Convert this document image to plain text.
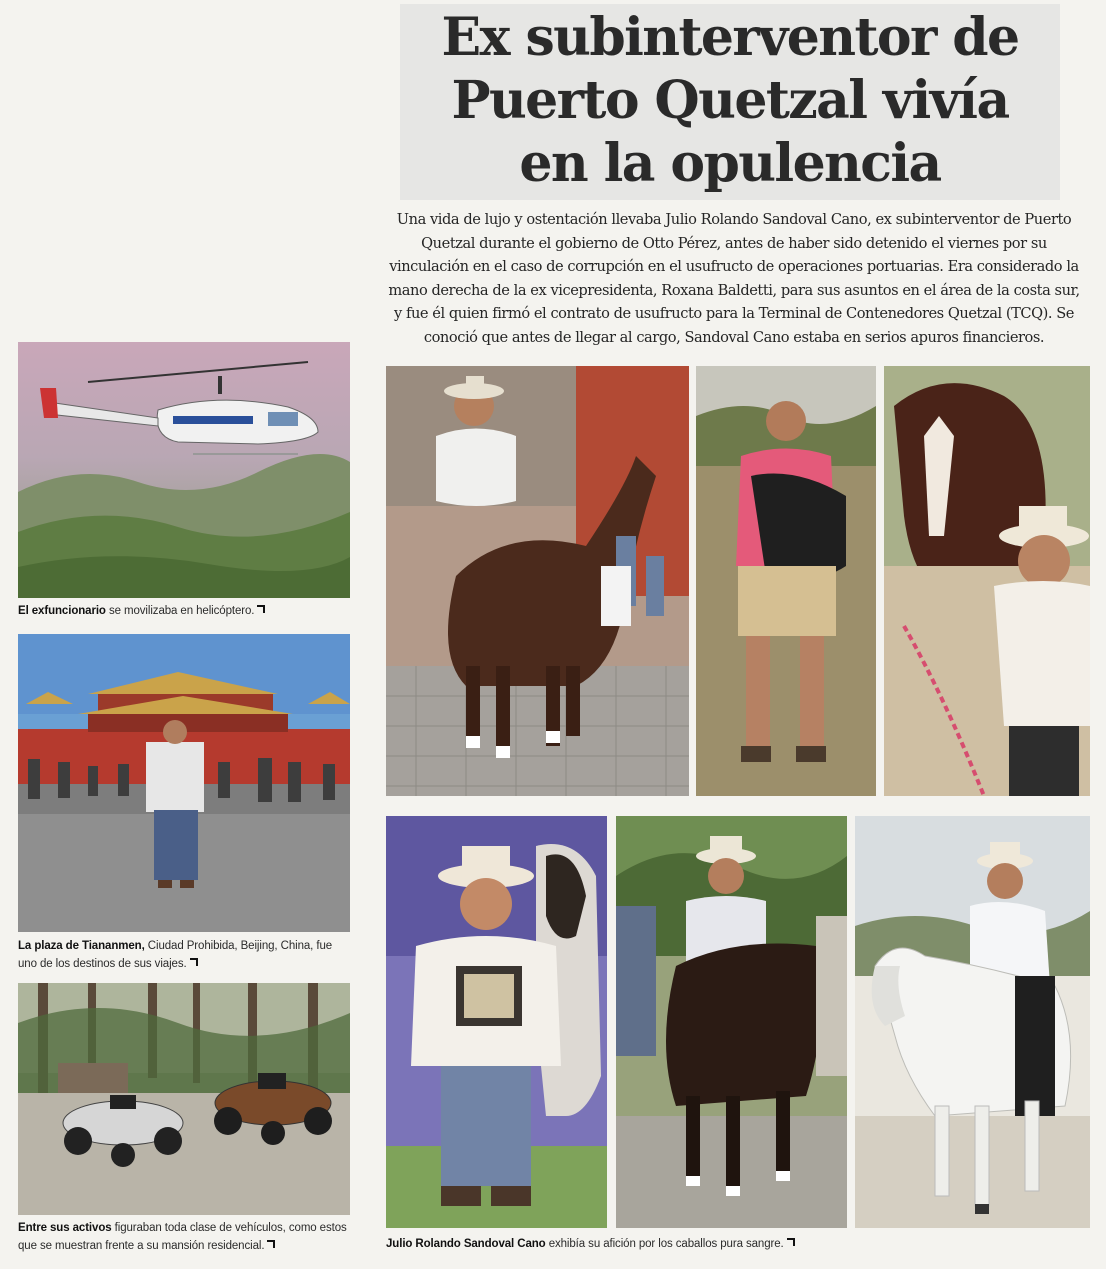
Ex subinterventor de
Puerto Quetzal vivía
en la opulencia

Una vida de lujo y ostentación llevaba Julio Rolando Sandoval Cano, ex subinterventor de Puerto Quetzal durante el gobierno de Otto Pérez, antes de haber sido detenido el viernes por su vinculación en el caso de corrupción en el usufructo de operaciones portuarias. Era considerado la mano derecha de la ex vicepresidenta, Roxana Baldetti, para sus asuntos en el área de la costa sur, y fue él quien firmó el contrato de usufructo para la Terminal de Contenedores Quetzal (TCQ). Se conoció que antes de llegar al cargo, Sandoval Cano estaba en serios apuros financieros.

El exfuncionario se movilizaba en helicóptero.

La plaza de Tiananmen, Ciudad Prohibida, Beijing, China, fue uno de los destinos de sus viajes.

Entre sus activos figuraban toda clase de vehículos, como estos que se muestran frente a su mansión residencial.	Julio Rolando Sandoval Cano exhibía su afición por los caballos pura sangre.
